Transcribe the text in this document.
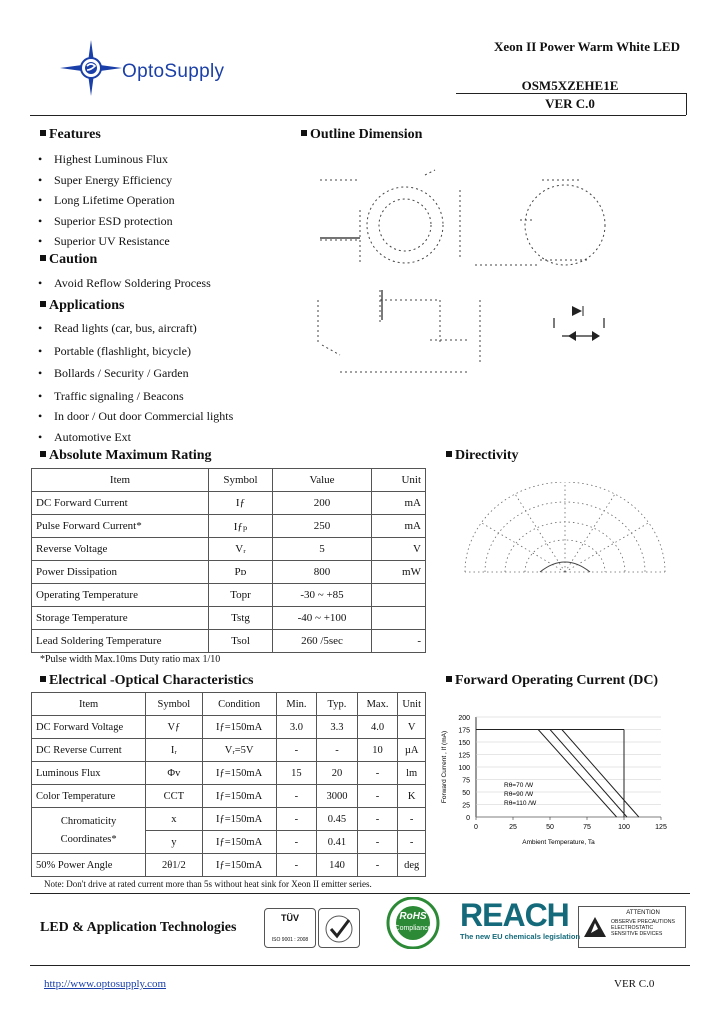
OptoSupply
Xeon II Power Warm White LED
OSM5XZEHE1E
VER C.0
Features
• Highest Luminous Flux
• Super Energy Efficiency
• Long Lifetime Operation
• Superior ESD protection
• Superior UV Resistance
Caution
• Avoid Reflow Soldering Process
Applications
• Read lights (car, bus, aircraft)
• Portable (flashlight, bicycle)
• Bollards / Security / Garden
• Traffic signaling / Beacons
• In door / Out door Commercial lights
• Automotive Ext
Outline Dimension
Absolute Maximum Rating
Item	Symbol	Value	Unit
DC Forward Current	Iƒ	200	mA
Pulse Forward Current*	Iƒₚ	250	mA
Reverse Voltage	Vᵣ	5	V
Power Dissipation	Pᴅ	800	mW
Operating Temperature	Topr	-30 ~ +85	
Storage Temperature	Tstg	-40 ~ +100	
Lead Soldering Temperature	Tsol	260 /5sec	-
*Pulse width Max.10ms Duty ratio max 1/10
Directivity
Electrical -Optical Characteristics
Item	Symbol	Condition	Min.	Typ.	Max.	Unit
DC Forward Voltage	Vƒ	Iƒ=150mA	3.0	3.3	4.0	V
DC Reverse Current	Iᵣ	Vᵣ=5V	-	-	10	µA
Luminous Flux	Φv	Iƒ=150mA	15	20	-	lm
Color Temperature	CCT	Iƒ=150mA	-	3000	-	K
Chromaticity
Coordinates*	x	Iƒ=150mA	-	0.45	-	-
	y	Iƒ=150mA	-	0.41	-	-
50% Power Angle	2θ1/2	Iƒ=150mA	-	140	-	deg
Note: Don't drive at rated current more than 5s without heat sink for Xeon II emitter series.
Forward Operating Current (DC)
0
25
50
75
100
125
150
175
200
0	25	50	75	100	125
Rθ=70 /W
Rθ=90 /W
Rθ=110 /W
Ambient Temperature, Ta
Forward Current , If (mA)
LED & Application Technologies
TÜV
ISO 9001 : 2008
RoHS
Compliance REACH
The new EU chemicals legislation
ATTENTION
OBSERVE PRECAUTIONS ELECTROSTATIC SENSITIVE DEVICES
http://www.optosupply.com	VER C.0
